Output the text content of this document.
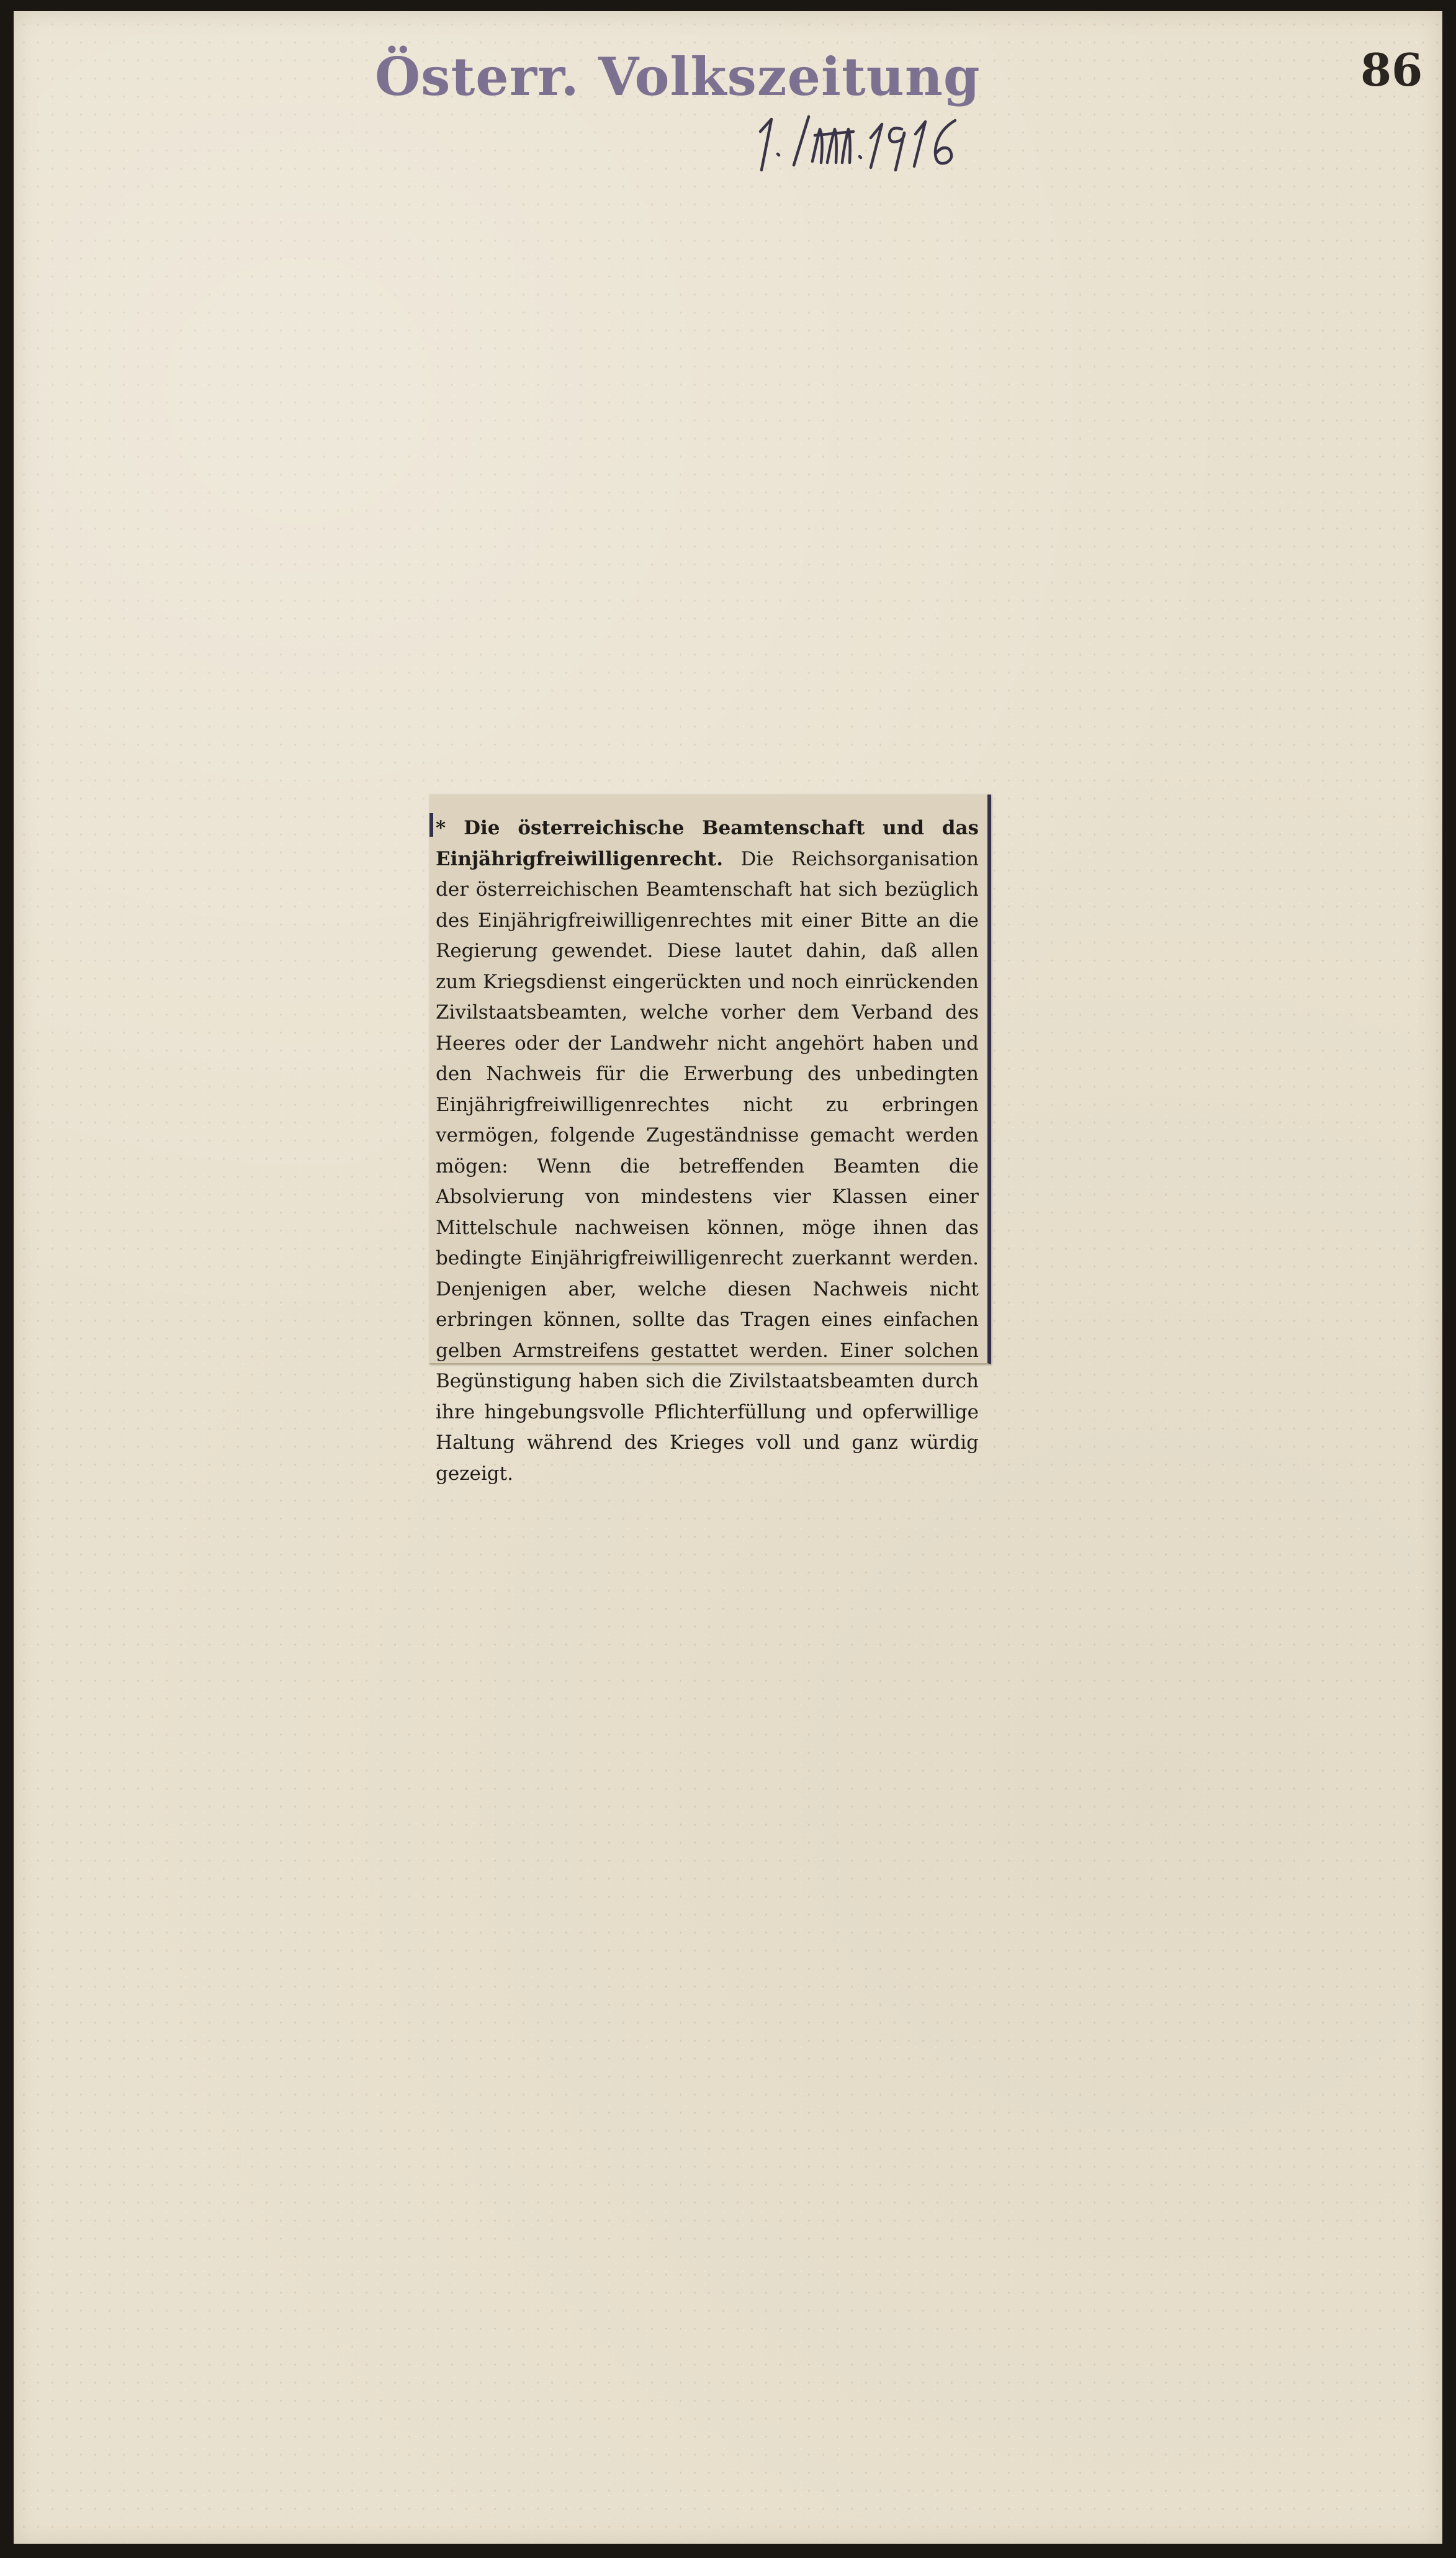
Österr. Volkszeitung	86

* Die österreichische Beamtenschaft und das Einjährigfreiwilligenrecht. Die Reichsorganisation der österreichischen Beamtenschaft hat sich bezüglich des Einjährigfreiwilligenrechtes mit einer Bitte an die Regierung gewendet. Diese lautet dahin, daß allen zum Kriegsdienst eingerückten und noch einrückenden Zivilstaatsbeamten, welche vorher dem Verband des Heeres oder der Landwehr nicht angehört haben und den Nachweis für die Erwerbung des unbedingten Einjährigfreiwilligenrechtes nicht zu erbringen vermögen, folgende Zugeständnisse gemacht werden mögen: Wenn die betreffenden Beamten die Absolvierung von mindestens vier Klassen einer Mittelschule nachweisen können, möge ihnen das bedingte Einjährigfreiwilligenrecht zuerkannt werden. Denjenigen aber, welche diesen Nachweis nicht erbringen können, sollte das Tragen eines einfachen gelben Armstreifens gestattet werden. Einer solchen Begünstigung haben sich die Zivilstaatsbeamten durch ihre hingebungsvolle Pflichterfüllung und opferwillige Haltung während des Krieges voll und ganz würdig gezeigt.
